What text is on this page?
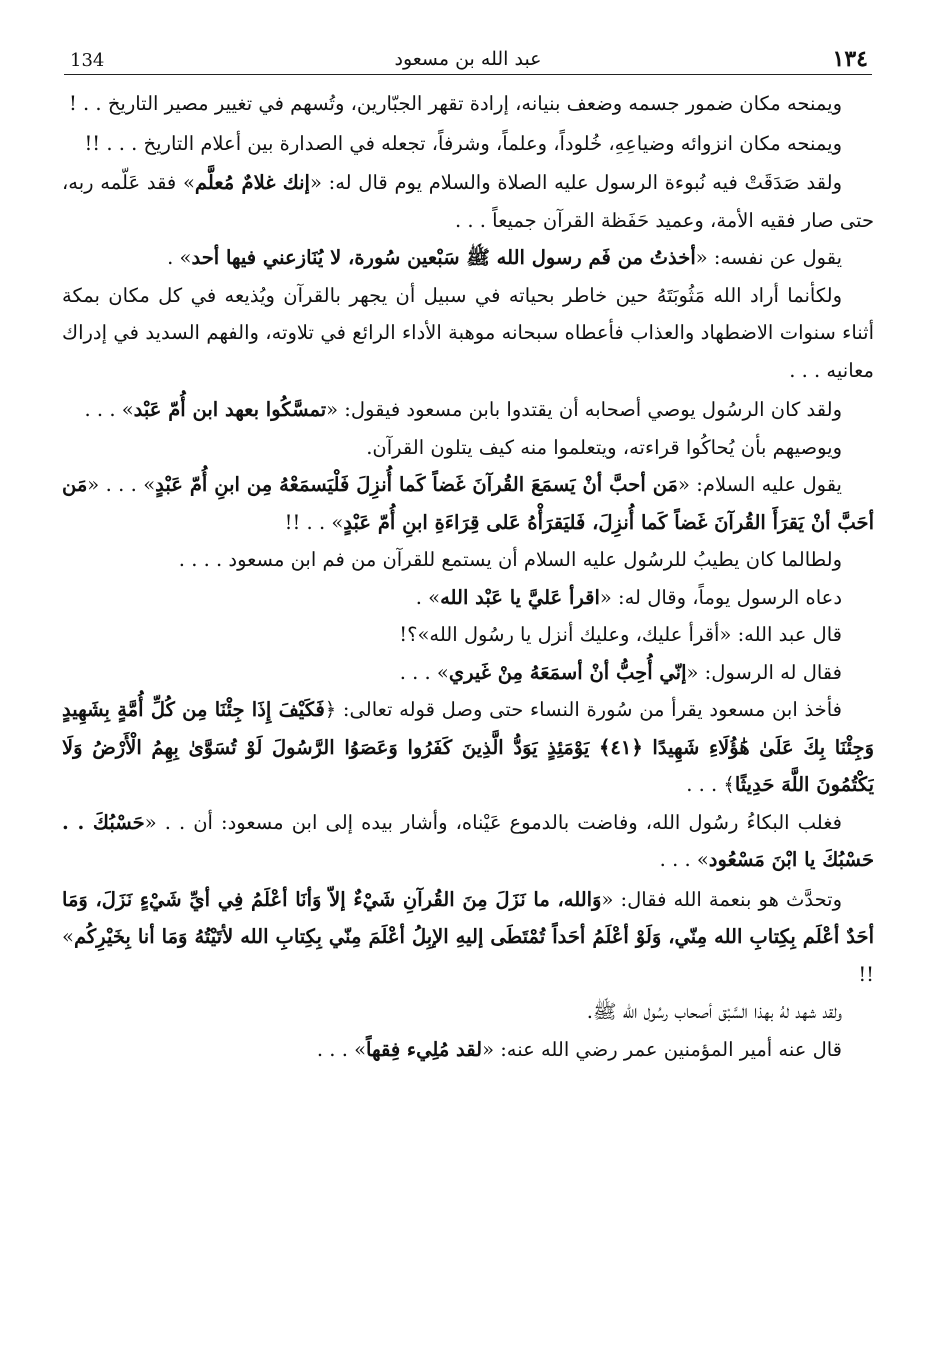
134	عبد الله بن مسعود	١٣٤

ويمنحه مكان ضمور جسمه وضعف بنيانه، إرادة تقهر الجبّارين، وتُسهم في تغيير مصير التاريخ . . !

ويمنحه مكان انزوائه وضياعِهِ، خُلوداً، وعلماً، وشرفاً، تجعله في الصدارة بين أعلام التاريخ . . . !!

ولقد صَدَقَتْ فيه نُبوءة الرسول عليه الصلاة والسلام يوم قال له: «إنك غلامٌ مُعلَّم» فقد عَلّمه ربه، حتى صار فقيه الأمة، وعميد حَفَظة القرآن جميعاً . . .

يقول عن نفسه: «أخذتُ من فَم رسول الله ﷺ سَبْعين سُورة، لا يُنَازعني فيها أحد» .

ولكأنما أراد الله مَثُوبَتَهُ حين خاطر بحياته في سبيل أن يجهر بالقرآن ويُذيعه في كل مكان بمكة أثناء سنوات الاضطهاد والعذاب فأعطاه سبحانه موهبة الأداء الرائع في تلاوته، والفهم السديد في إدراك معانيه . . .

ولقد كان الرسُول يوصي أصحابه أن يقتدوا بابن مسعود فيقول: «تمسَّكُوا بعهد ابن أُمّ عَبْد» . . .

ويوصيهم بأن يُحاكُوا قراءته، ويتعلموا منه كيف يتلون القرآن.

يقول عليه السلام: «مَن أحبَّ أنْ يَسمَعَ القُرآنَ غَضاً كَما أُنزِلَ فَلْيَسمَعْهُ مِن ابنِ أُمّ عَبْدٍ» . . . «مَن أحَبَّ أنْ يَقرَأَ القُرآنَ غَضاً كَما أُنزِلَ، فَليَقرَأْهُ عَلى قِرَاءَةِ ابنِ أُمّ عَبْدٍ» . . !!

ولطالما كان يطيبُ للرسُول عليه السلام أن يستمع للقرآن من فم ابن مسعود . . . .

دعاه الرسول يوماً، وقال له: «اقرأ عَليَّ يا عَبْد الله» .

قال عبد الله: «أقرأ عليك، وعليك أنزل يا رسُول الله»؟!

فقال له الرسول: «إنّي أُحِبُّ أنْ أسمَعَهُ مِنْ غَيري» . . .

فأخذ ابن مسعود يقرأ من سُورة النساء حتى وصل قوله تعالى: ﴿فَكَيْفَ إِذَا جِئْنَا مِن كُلِّ أُمَّةٍ بِشَهِيدٍ وَجِئْنَا بِكَ عَلَىٰ هَٰؤُلَاءِ شَهِيدًا ﴿٤١﴾ يَوْمَئِذٍ يَوَدُّ الَّذِينَ كَفَرُوا وَعَصَوُا الرَّسُولَ لَوْ تُسَوَّىٰ بِهِمُ الْأَرْضُ وَلَا يَكْتُمُونَ اللَّهَ حَدِيثًا﴾ . . .

فغلب البكاءُ رسُول الله، وفاضت بالدموع عَيْناه، وأشار بيده إلى ابن مسعود: أن . . «حَسْبُكَ . . حَسْبُكَ يا ابْنَ مَسْعُود» . . .

وتحدَّث هو بنعمة الله فقال: «وَالله، ما نَزَلَ مِنَ القُرآنِ شَيْءٌ إلاّ وَأنَا أعْلَمُ فِي أيِّ شَيْءٍ نَزَلَ، وَمَا أحَدٌ أعْلَم بِكِتابِ الله مِنّي، وَلَوْ أعْلَمُ أحَداً تُمْتَطَى إليهِ الإبِلُ أعْلَمَ مِنّي بِكِتابِ الله لأتَيْتُهُ وَمَا أنا بِخَيْرِكُم» !!

ولقد شهد لهُ بهذا السَّبْق أصحاب رسُول الله ﷺ.

قال عنه أمير المؤمنين عمر رضي الله عنه: «لقد مُلِيء فِقهاً» . . .
